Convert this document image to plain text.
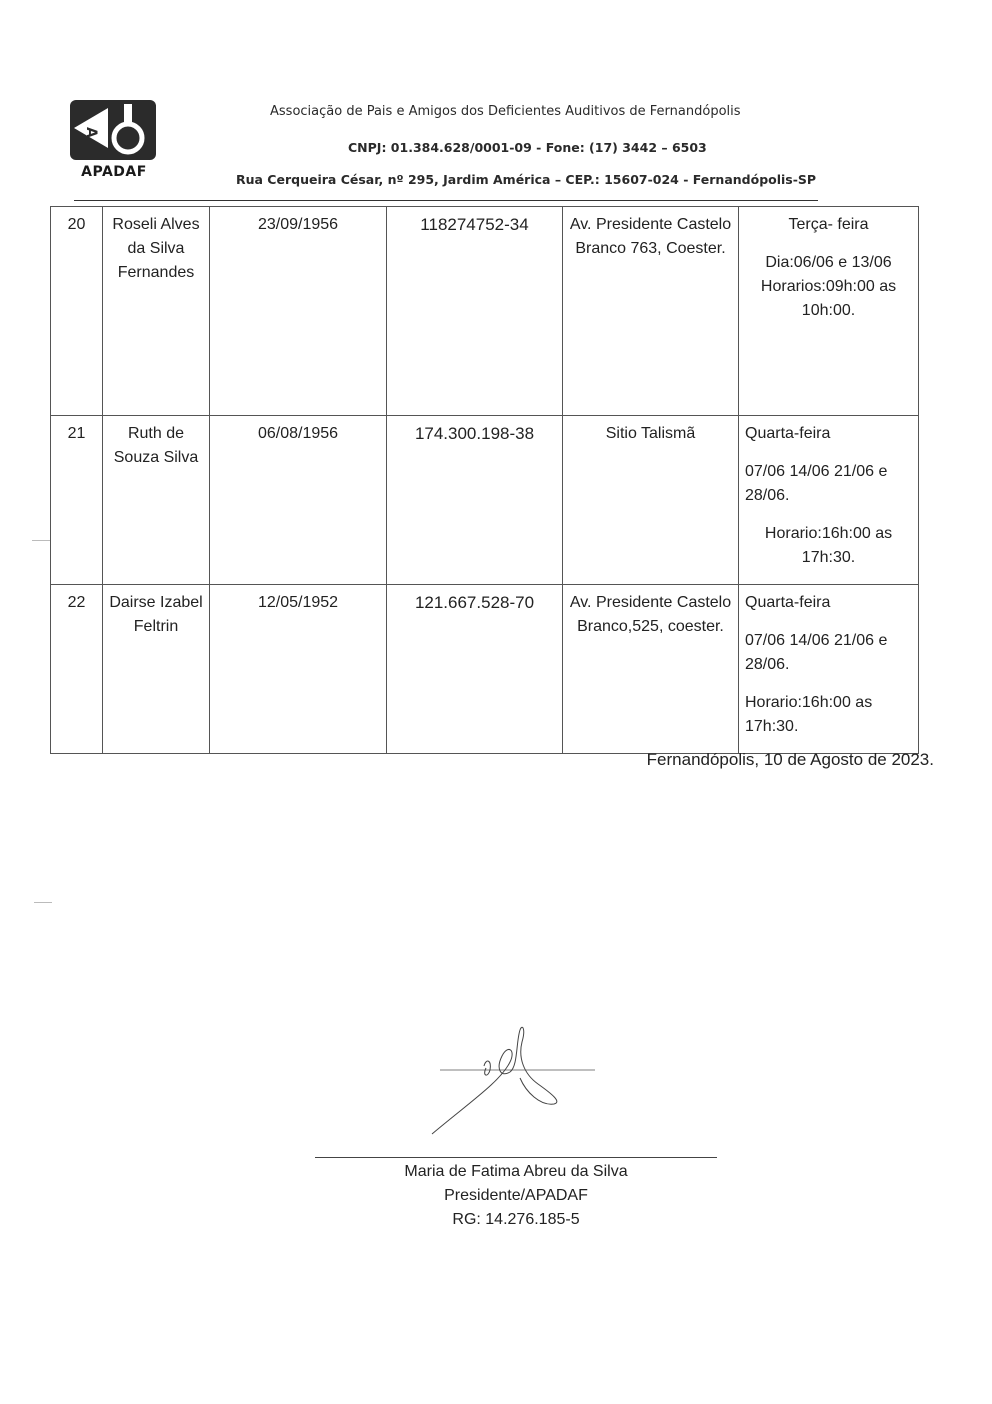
A
APADAF
Associação de Pais e Amigos dos Deficientes Auditivos de Fernandópolis
CNPJ: 01.384.628/0001-09 - Fone: (17) 3442 – 6503
Rua Cerqueira César, nº 295, Jardim América – CEP.: 15607-024 - Fernandópolis-SP
20	Roseli Alves da Silva Fernandes	23/09/1956	118274752-34	Av. Presidente Castelo Branco 763, Coester.	Terça- feira
Dia:06/06 e 13/06
Horarios:09h:00 as 10h:00.
21	Ruth de Souza Silva	06/08/1956	174.300.198-38	Sitio Talismã	Quarta-feira
07/06 14/06 21/06 e 28/06.
Horario:16h:00 as 17h:30.
22	Dairse Izabel Feltrin	12/05/1952	121.667.528-70	Av. Presidente Castelo Branco,525, coester.	Quarta-feira
07/06 14/06 21/06 e 28/06.
Horario:16h:00 as 17h:30.
Fernandópolis, 10 de Agosto de 2023.
Maria de Fatima Abreu da Silva
Presidente/APADAF
RG: 14.276.185-5
